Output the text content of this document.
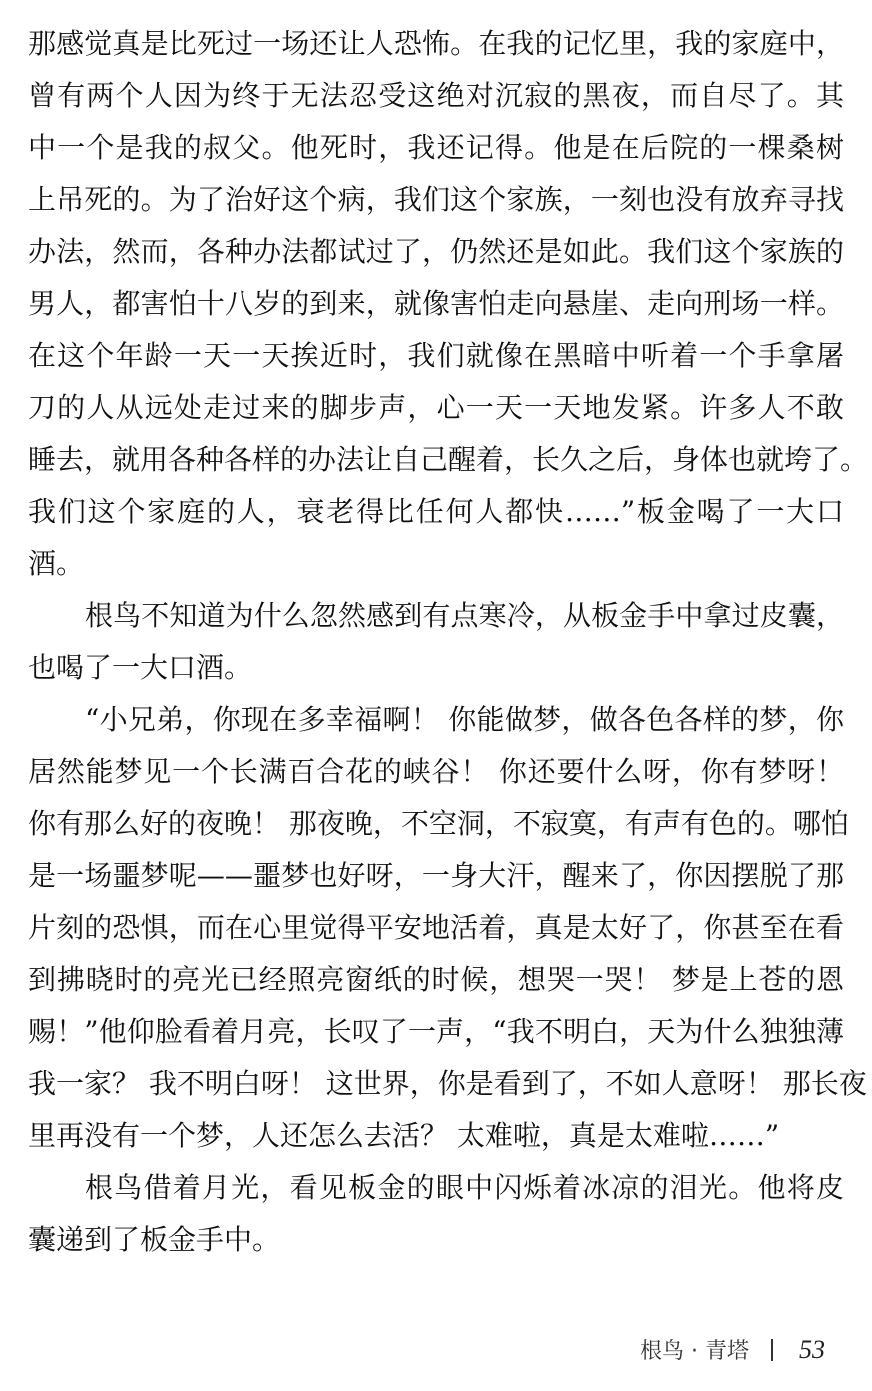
那感觉真是比死过一场还让人恐怖。在我的记忆里，我的家庭中，
曾有两个人因为终于无法忍受这绝对沉寂的黑夜，而自尽了。其
中一个是我的叔父。他死时，我还记得。他是在后院的一棵桑树
上吊死的。为了治好这个病，我们这个家族，一刻也没有放弃寻找
办法，然而，各种办法都试过了，仍然还是如此。我们这个家族的
男人，都害怕十八岁的到来，就像害怕走向悬崖、走向刑场一样。
在这个年龄一天一天挨近时，我们就像在黑暗中听着一个手拿屠
刀的人从远处走过来的脚步声，心一天一天地发紧。许多人不敢
睡去，就用各种各样的办法让自己醒着，长久之后，身体也就垮了。
我们这个家庭的人，衰老得比任何人都快……”板金喝了一大口
酒。
根鸟不知道为什么忽然感到有点寒冷，从板金手中拿过皮囊，
也喝了一大口酒。
“小兄弟，你现在多幸福啊！ 你能做梦，做各色各样的梦，你
居然能梦见一个长满百合花的峡谷！ 你还要什么呀，你有梦呀！
你有那么好的夜晚！ 那夜晚，不空洞，不寂寞，有声有色的。哪怕
是一场噩梦呢——噩梦也好呀，一身大汗，醒来了，你因摆脱了那
片刻的恐惧，而在心里觉得平安地活着，真是太好了，你甚至在看
到拂晓时的亮光已经照亮窗纸的时候，想哭一哭！ 梦是上苍的恩
赐！”他仰脸看着月亮，长叹了一声，“我不明白，天为什么独独薄
我一家？ 我不明白呀！ 这世界，你是看到了，不如人意呀！ 那长夜
里再没有一个梦，人还怎么去活？ 太难啦，真是太难啦……”
根鸟借着月光，看见板金的眼中闪烁着冰凉的泪光。他将皮
囊递到了板金手中。
根鸟 · 青塔 53
